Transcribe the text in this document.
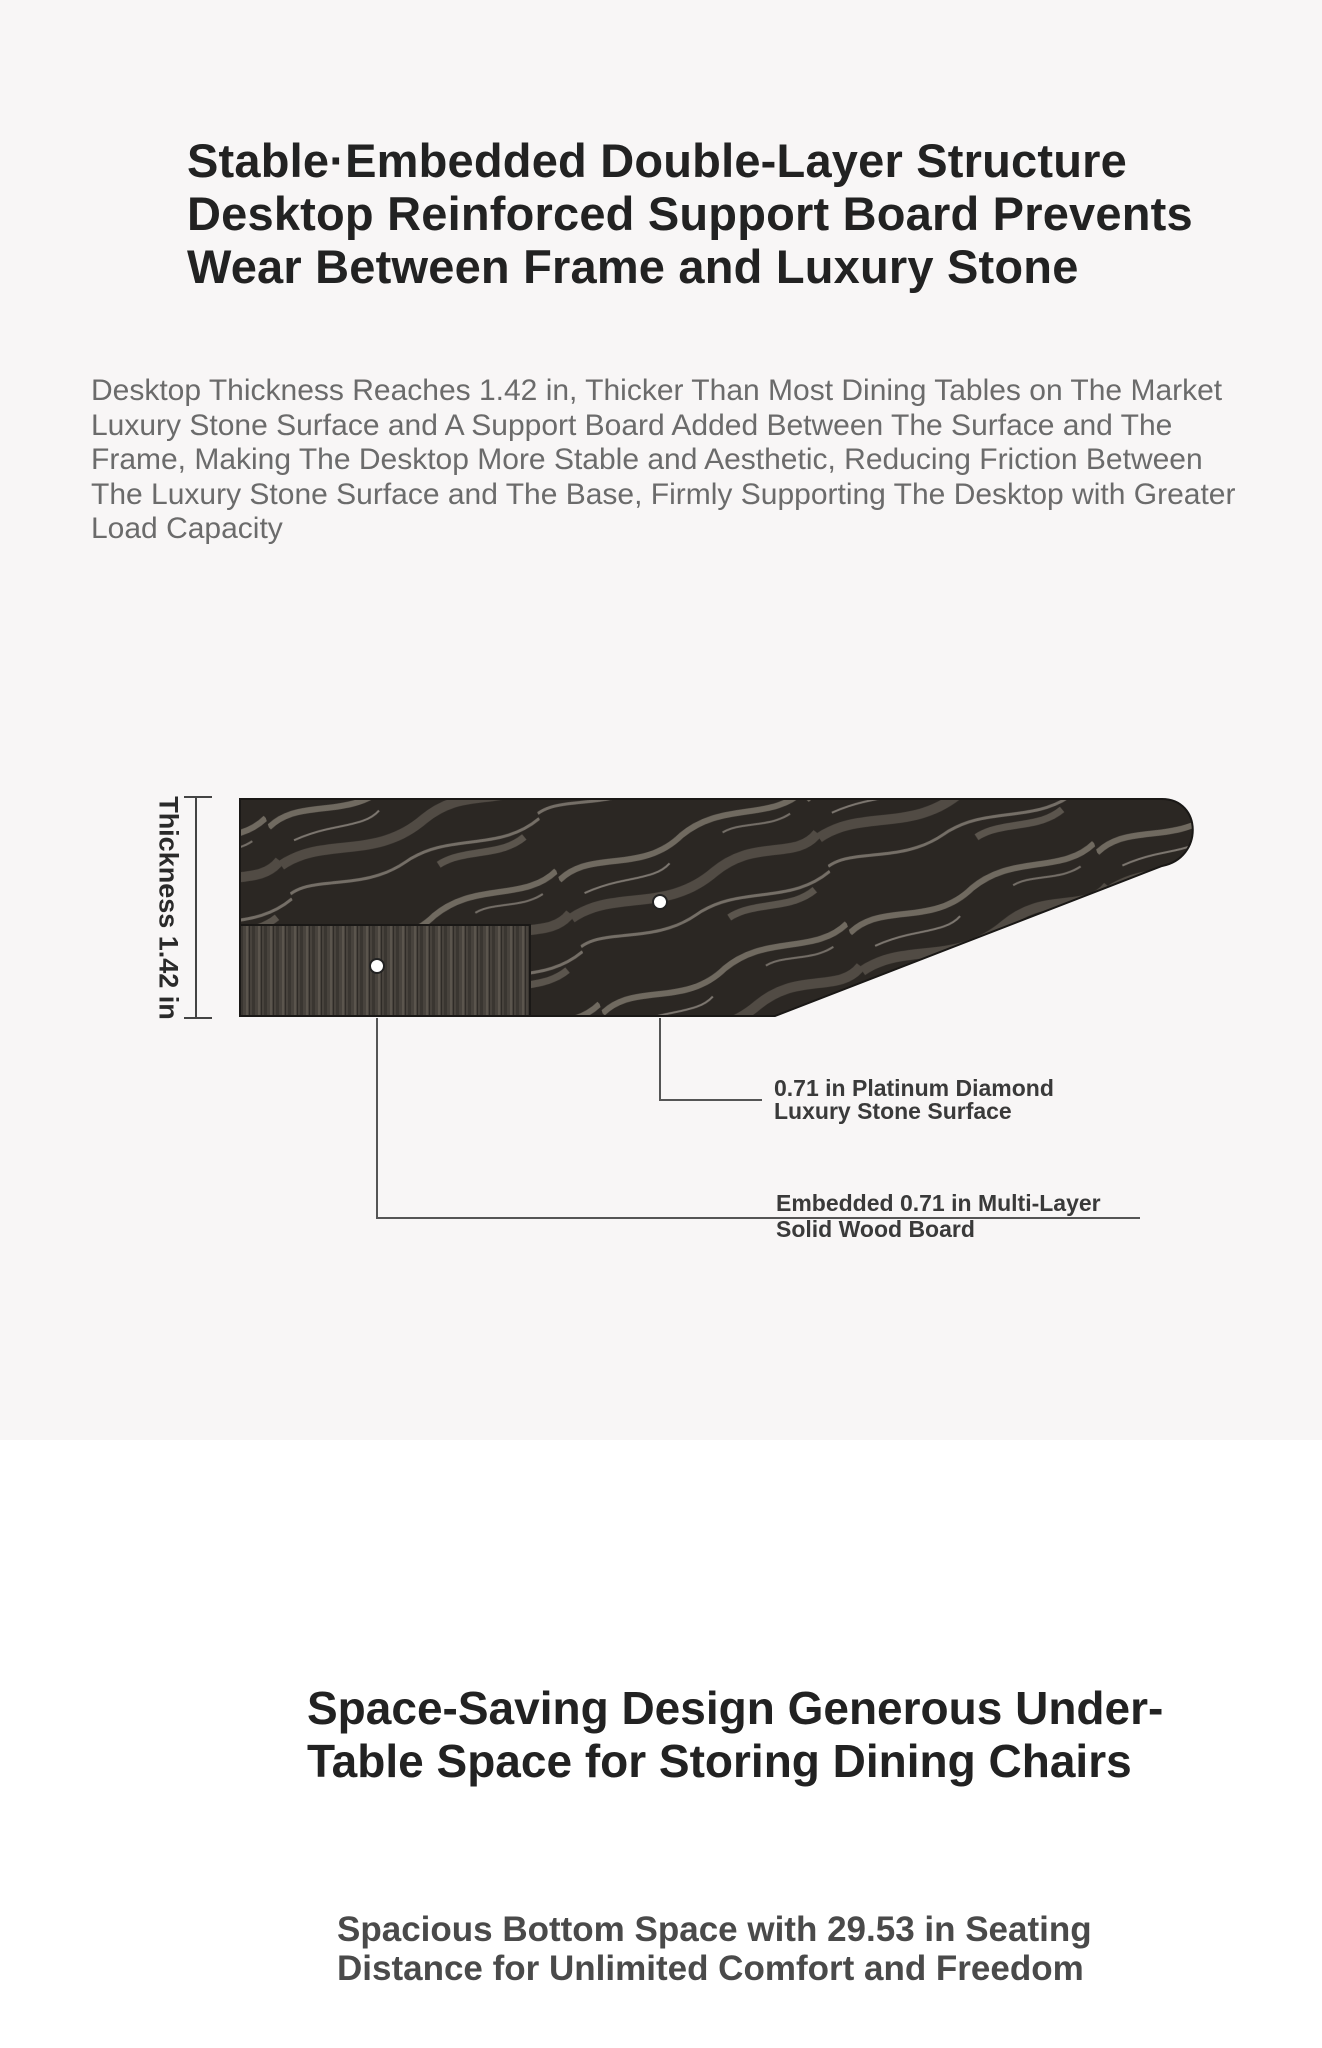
Stable·Embedded Double-Layer Structure Desktop Reinforced Support Board Prevents Wear Between Frame and Luxury Stone

Desktop Thickness Reaches 1.42 in, Thicker Than Most Dining Tables on The Market Luxury Stone Surface and A Support Board Added Between The Surface and The Frame, Making The Desktop More Stable and Aesthetic, Reducing Friction Between The Luxury Stone Surface and The Base, Firmly Supporting The Desktop with Greater Load Capacity

Thickness 1.42 in
0.71 in Platinum Diamond
Luxury Stone Surface
Embedded 0.71 in Multi-Layer
Solid Wood Board
Space-Saving Design Generous Under-Table Space for Storing Dining Chairs

Spacious Bottom Space with 29.53 in Seating Distance for Unlimited Comfort and Freedom
